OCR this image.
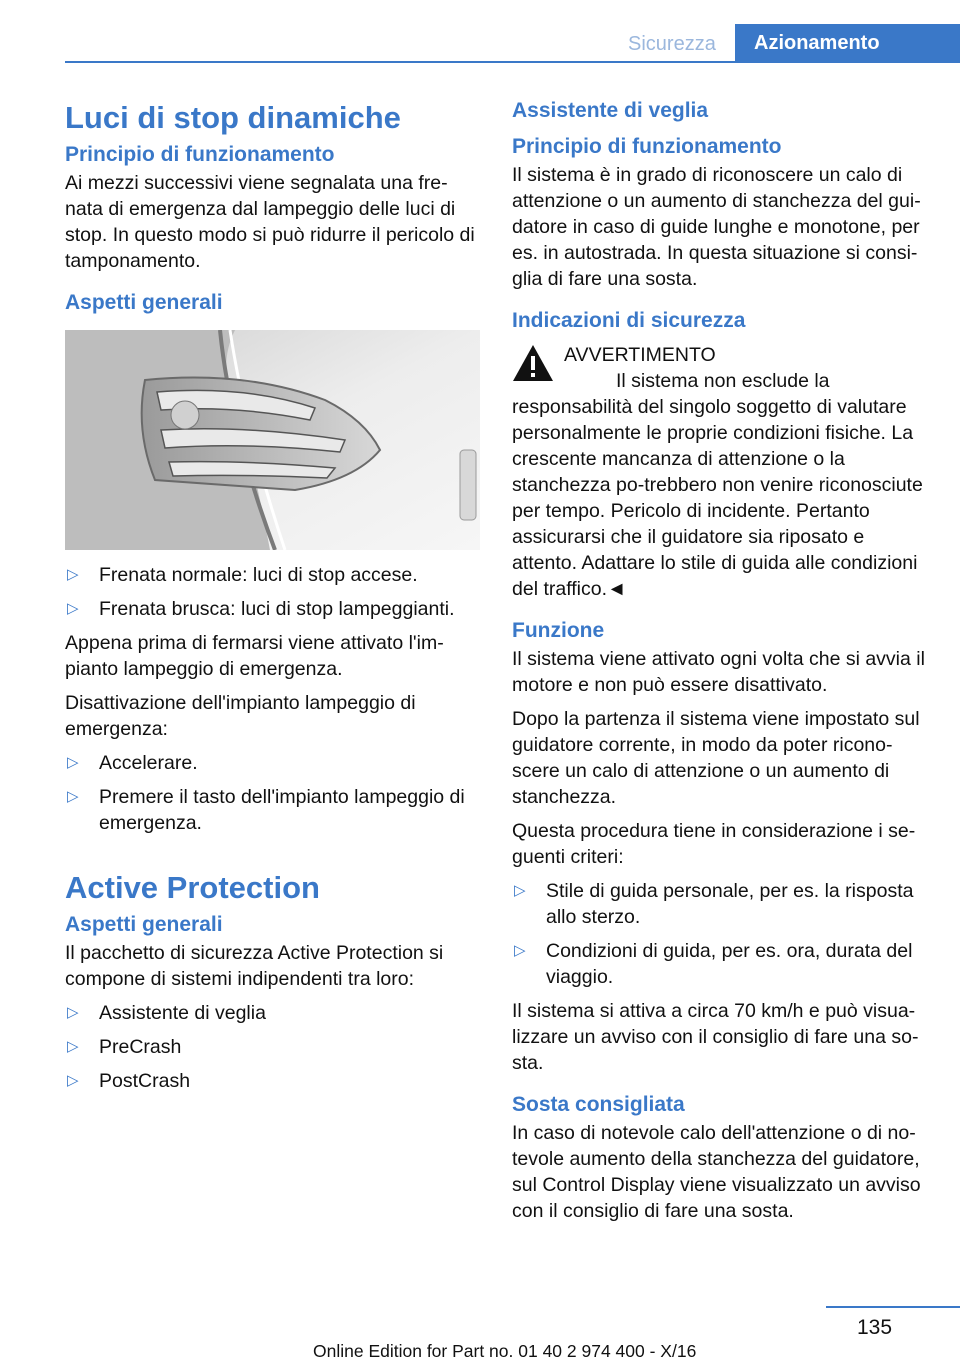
Sicurezza	Azionamento
Luci di stop dinamiche
Principio di funzionamento

Ai mezzi successivi viene segnalata una fre-nata di emergenza dal lampeggio delle luci di stop. In questo modo si può ridurre il pericolo di tamponamento.

Aspetti generali
▷ Frenata normale: luci di stop accese.
▷ Frenata brusca: luci di stop lampeggianti.

Appena prima di fermarsi viene attivato l'im-pianto lampeggio di emergenza.

Disattivazione dell'impianto lampeggio di emergenza:

▷ Accelerare.
▷ Premere il tasto dell'impianto lampeggio di emergenza.
Active Protection
Aspetti generali

Il pacchetto di sicurezza Active Protection si compone di sistemi indipendenti tra loro:

▷ Assistente di veglia
▷ PreCrash
▷ PostCrash
Assistente di veglia
Principio di funzionamento

Il sistema è in grado di riconoscere un calo di attenzione o un aumento di stanchezza del gui-datore in caso di guide lunghe e monotone, per es. in autostrada. In questa situazione si consi-glia di fare una sosta.

Indicazioni di sicurezza
AVVERTIMENTO

Il sistema non esclude la responsabilità del singolo soggetto di valutare personalmente le proprie condizioni fisiche. La crescente mancanza di attenzione o la stanchezza po-trebbero non venire riconosciute per tempo. Pericolo di incidente. Pertanto assicurarsi che il guidatore sia riposato e attento. Adattare lo stile di guida alle condizioni del traffico.◄

Funzione

Il sistema viene attivato ogni volta che si avvia il motore e non può essere disattivato.

Dopo la partenza il sistema viene impostato sul guidatore corrente, in modo da poter ricono-scere un calo di attenzione o un aumento di stanchezza.

Questa procedura tiene in considerazione i se-guenti criteri:

▷ Stile di guida personale, per es. la risposta allo sterzo.
▷ Condizioni di guida, per es. ora, durata del viaggio.

Il sistema si attiva a circa 70 km/h e può visua-lizzare un avviso con il consiglio di fare una so-sta.

Sosta consigliata

In caso di notevole calo dell'attenzione o di no-tevole aumento della stanchezza del guidatore, sul Control Display viene visualizzato un avviso con il consiglio di fare una sosta.

135
Online Edition for Part no. 01 40 2 974 400 - X/16
